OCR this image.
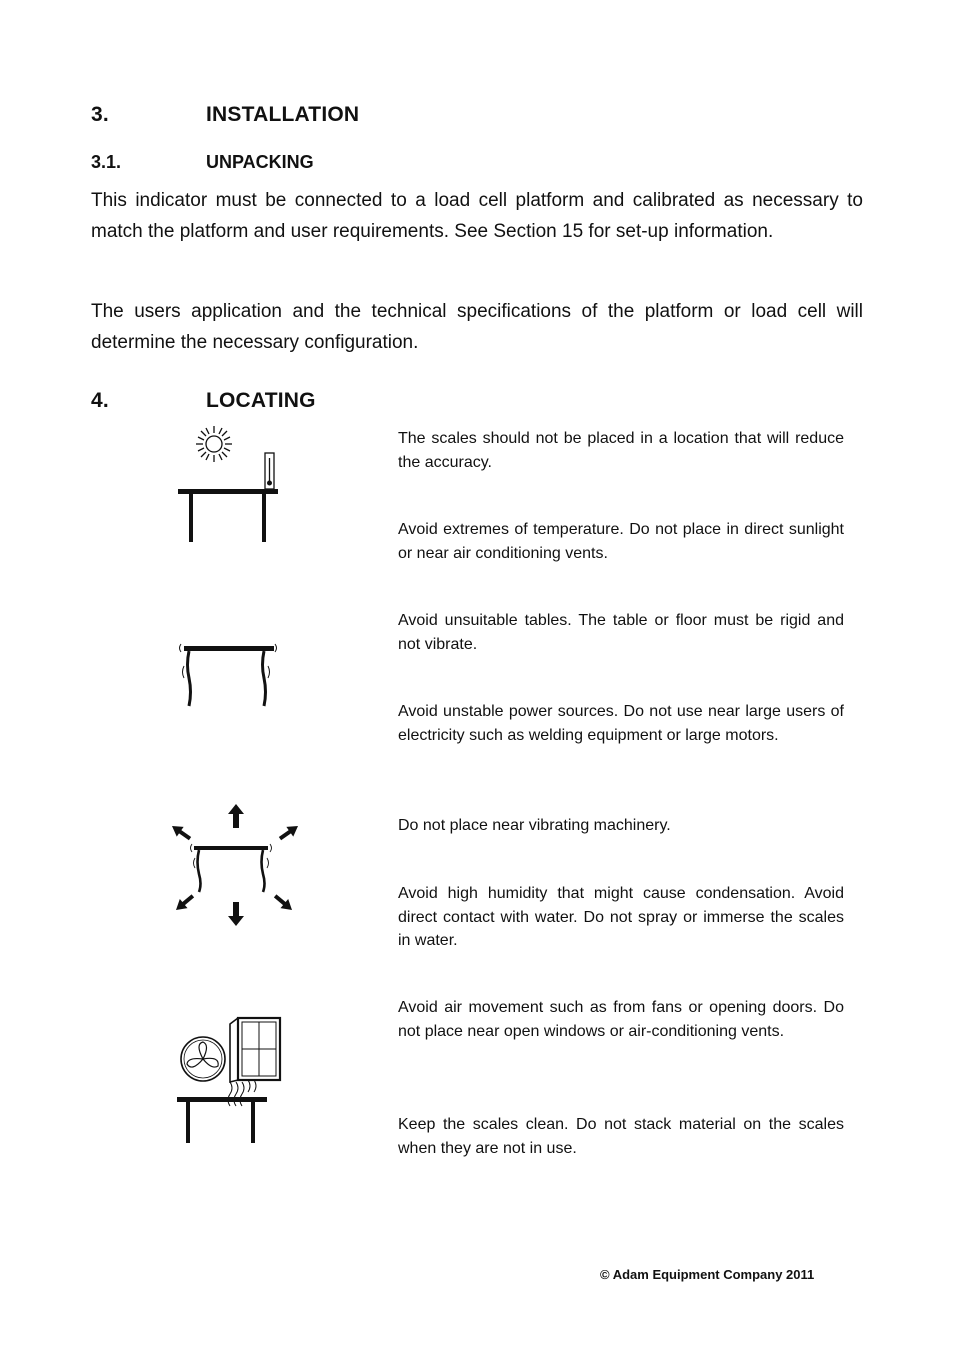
3.	INSTALLATION
3.1.	UNPACKING
This indicator must be connected to a load cell platform and calibrated as necessary to match the platform and user requirements. See Section 15 for set-up information.
The users application and the technical specifications of the platform or load cell will determine the necessary configuration.
4.	LOCATING
The scales should not be placed in a location that will reduce the accuracy.
Avoid extremes of temperature. Do not place in direct sunlight or near air conditioning vents.
Avoid unsuitable tables. The table or floor must be rigid and not vibrate.
Avoid unstable power sources. Do not use near large users of electricity such as welding equipment or large motors.
Do not place near vibrating machinery.
Avoid high humidity that might cause condensation. Avoid direct contact with water. Do not spray or immerse the scales in water.
Avoid air movement such as from fans or opening doors. Do not place near open windows or air-conditioning vents.
Keep the scales clean. Do not stack material on the scales when they are not in use.
© Adam Equipment Company 2011
